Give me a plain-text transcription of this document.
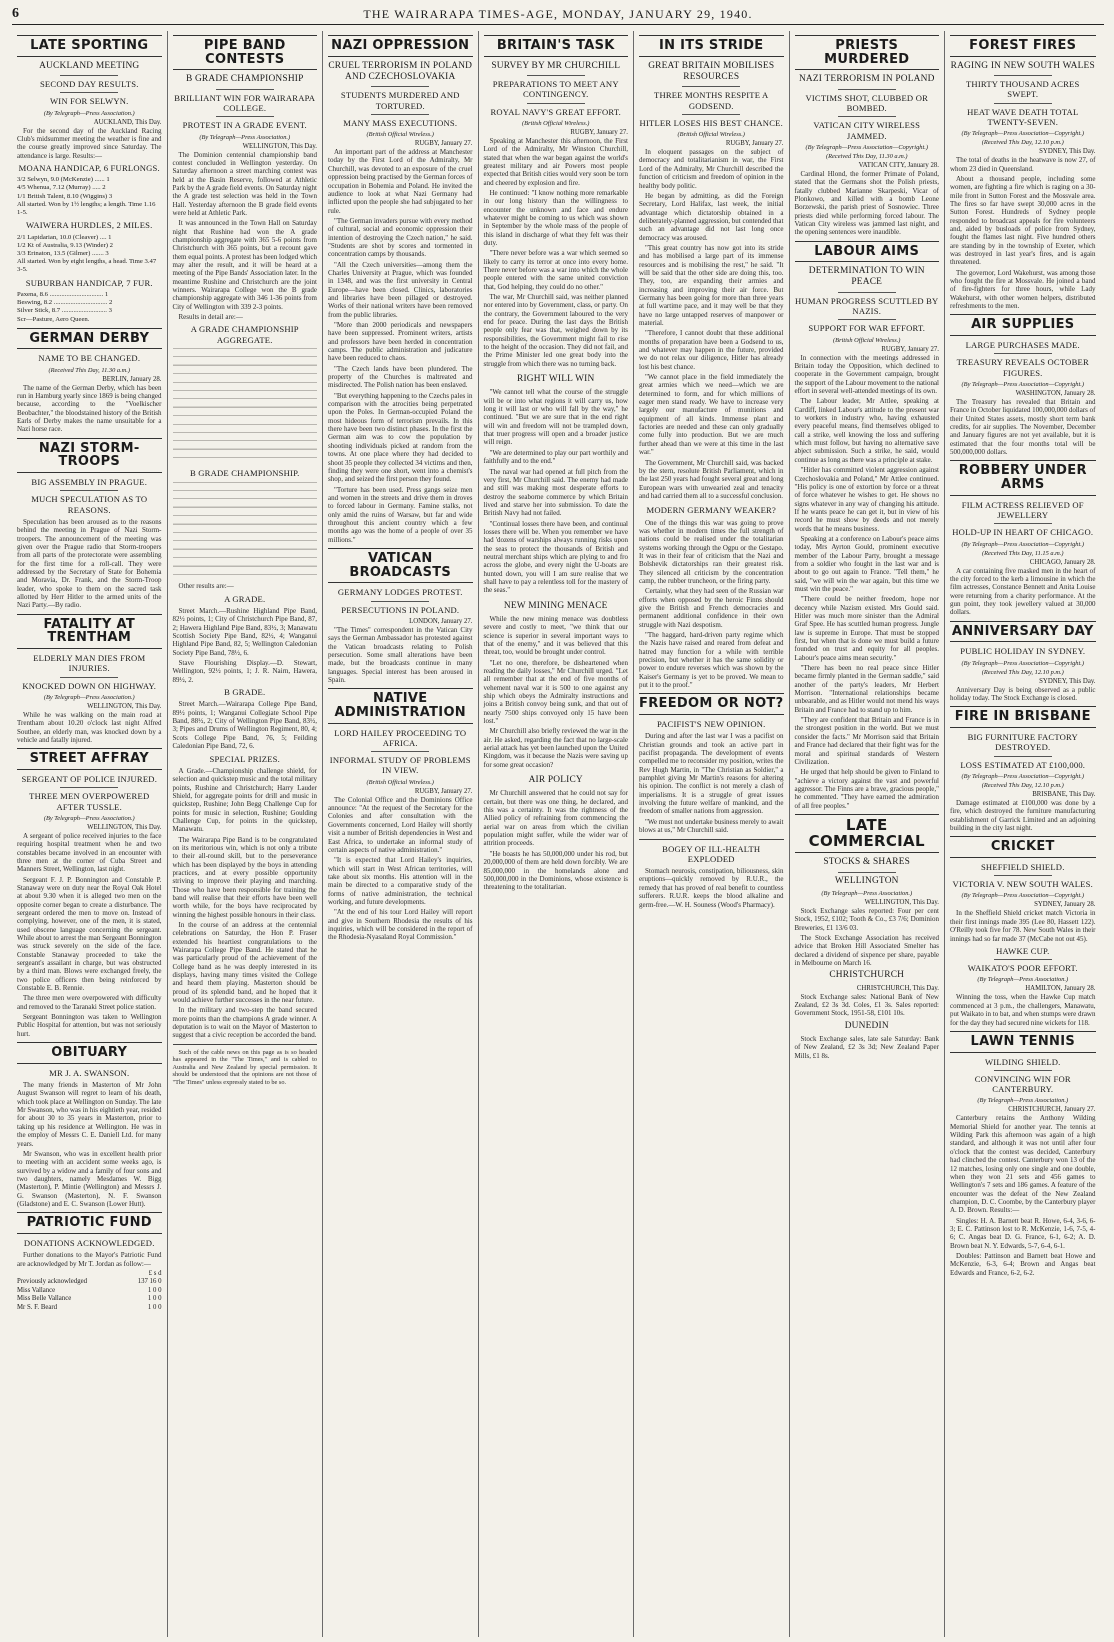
6	THE WAIRARAPA TIMES-AGE, MONDAY, JANUARY 29, 1940.
LATE SPORTING
AUCKLAND MEETING
SECOND DAY RESULTS.
WIN FOR SELWYN.
(By Telegraph—Press Association.)
AUCKLAND, This Day.

For the second day of the Auckland Racing Club's midsummer meeting the weather is fine and the course greatly improved since Saturday. The attendance is large. Results:—

MOANA HANDICAP, 6 FURLONGS.

3/2 Selwyn, 9.0 (McKenzie) ...... 1

4/5 Whenua, 7.12 (Murray) ..... 2

1/1 British Talent, 8.10 (Wiggins) 3

All started. Won by 1½ lengths; a length. Time 1.16 1-5.

WAIWERA HURDLES, 2 MILES.

2/1 Lapidarian, 10.0 (Cleaver) .... 1

1/2 Kt of Australia, 9.13 (Winder) 2

3/3 Erinaton, 13.5 (Gilmer) ....... 3

All started. Won by eight lengths, a head. Time 3.47 3-5.

SUBURBAN HANDICAP, 7 FUR.

Paxena, 8.6 ................................ 1

Beswing, 8.2 ................................ 2

Silver Stick, 8.7 ........................... 3

Scr—Pasture, Aero Queen.

GERMAN DERBY
NAME TO BE CHANGED.
(Received This Day, 11.30 a.m.)
BERLIN, January 28.

The name of the German Derby, which has been run in Hamburg yearly since 1869 is being changed because, according to the "Voelkischer Beobachter," the bloodstained history of the British Earls of Derby makes the name unsuitable for a Nazi horse race.

NAZI STORM-TROOPS
BIG ASSEMBLY IN PRAGUE.
MUCH SPECULATION AS TO REASONS.

Speculation has been aroused as to the reasons behind the meeting in Prague of Nazi Storm-troopers. The announcement of the meeting was given over the Prague radio that Storm-troopers from all parts of the protectorate were assembling for the first time for a roll-call. They were addressed by the Secretary of State for Bohemia and Moravia, Dr. Frank, and the Storm-Troop leader, who spoke to them on the sacred task allotted by Herr Hitler to the armed units of the Nazi Party.—By radio.

FATALITY AT TRENTHAM
ELDERLY MAN DIES FROM INJURIES.
KNOCKED DOWN ON HIGHWAY.
(By Telegraph—Press Association.)
WELLINGTON, This Day.

While he was walking on the main road at Trentham about 10.20 o'clock last night Alfred Southee, an elderly man, was knocked down by a vehicle and fatally injured.

STREET AFFRAY
SERGEANT OF POLICE INJURED.
THREE MEN OVERPOWERED AFTER TUSSLE.
(By Telegraph—Press Association.)
WELLINGTON, This Day.

A sergeant of police received injuries to the face requiring hospital treatment when he and two constables became involved in an encounter with three men at the corner of Cuba Street and Manners Street, Wellington, last night.

Sergeant F. J. P. Bonnington and Constable P. Stanaway were on duty near the Royal Oak Hotel at about 9.30 when it is alleged two men on the opposite corner began to create a disturbance. The sergeant ordered the men to move on. Instead of complying, however, one of the men, it is stated, used obscene language concerning the sergeant. While about to arrest the man Sergeant Bonnington was struck severely on the side of the face. Constable Stanaway proceeded to take the sergeant's assailant in charge, but was obstructed by a third man. Blows were exchanged freely, the two police officers then being reinforced by Constable E. B. Rennie.

The three men were overpowered with difficulty and removed to the Taranaki Street police station.

Sergeant Bonnington was taken to Wellington Public Hospital for attention, but was not seriously hurt.

OBITUARY
MR J. A. SWANSON.

The many friends in Masterton of Mr John August Swanson will regret to learn of his death, which took place at Wellington on Sunday. The late Mr Swanson, who was in his eightieth year, resided for about 30 to 35 years in Masterton, prior to taking up his residence at Wellington. He was in the employ of Messrs C. E. Daniell Ltd. for many years.

Mr Swanson, who was in excellent health prior to meeting with an accident some weeks ago, is survived by a widow and a family of four sons and two daughters, namely Mesdames W. Bigg (Masterton), P. Mintie (Wellington) and Messrs J. G. Swanson (Masterton), N. F. Swanson (Gladstone) and E. C. Swanson (Lower Hutt).

PATRIOTIC FUND
DONATIONS ACKNOWLEDGED.

Further donations to the Mayor's Patriotic Fund are acknowledged by Mr T. Jordan as follow:—

£ s d
Previously acknowledged	137 16 0
Miss Vallance	1 0 0
Miss Belle Vallance	1 0 0
Mr S. F. Beard	1 0 0
PIPE BAND CONTESTS
B GRADE CHAMPIONSHIP
BRILLIANT WIN FOR WAIRARAPA COLLEGE.
PROTEST IN A GRADE EVENT.
(By Telegraph—Press Association.)
WELLINGTON, This Day.

The Dominion centennial championship band contest concluded in Wellington yesterday. On Saturday afternoon a street marching contest was held at the Basin Reserve, followed at Athletic Park by the A grade field events. On Saturday night the A grade test selection was held in the Town Hall. Yesterday afternoon the B grade field events were held at Athletic Park.

It was announced in the Town Hall on Saturday night that Rushine had won the A grade championship aggregate with 365 5-6 points from Christchurch with 365 points, but a recount gave them equal points. A protest has been lodged which may alter the result, and it will be heard at a meeting of the Pipe Bands' Association later. In the meantime Rushine and Christchurch are the joint winners. Wairarapa College won the B grade championship aggregate with 346 1-36 points from City of Wellington with 339 2-3 points.

Results in detail are:—

A GRADE CHAMPIONSHIP AGGREGATE.
B GRADE CHAMPIONSHIP.

Other results are:—

A GRADE.

Street March.—Rushine Highland Pipe Band, 82½ points, 1; City of Christchurch Pipe Band, 87, 2; Hawera Highland Pipe Band, 83½, 3; Manawatu Scottish Society Pipe Band, 82½, 4; Wanganui Highland Pipe Band, 82, 5; Wellington Caledonian Society Pipe Band, 78½, 6.

Stave Flourishing Display.—D. Stewart, Wellington, 92½ points, 1; J. R. Nairn, Hawera, 89½, 2.

B GRADE.

Street March.—Wairarapa College Pipe Band, 89½ points, 1; Wanganui Collegiate School Pipe Band, 88½, 2; City of Wellington Pipe Band, 83½, 3; Pipes and Drums of Wellington Regiment, 80, 4; Scots College Pipe Band, 76, 5; Feilding Caledonian Pipe Band, 72, 6.

SPECIAL PRIZES.

A Grade.—Championship challenge shield, for selection and quickstep music and the total military points, Rushine and Christchurch; Harry Lauder Shield, for aggregate points for drill and music in quickstep, Rushine; John Begg Challenge Cup for points for music in selection, Rushine; Goulding Challenge Cup, for points in the quickstep, Manawatu.

The Wairarapa Pipe Band is to be congratulated on its meritorious win, which is not only a tribute to their all-round skill, but to the perseverance which has been displayed by the boys in attending practices, and at every possible opportunity striving to improve their playing and marching. Those who have been responsible for training the band will realise that their efforts have been well worth while, for the boys have reciprocated by winning the highest possible honours in their class.

In the course of an address at the centennial celebrations on Saturday, the Hon P. Fraser extended his heartiest congratulations to the Wairarapa College Pipe Band. He stated that he was particularly proud of the achievement of the College band as he was deeply interested in its displays, having many times visited the College and heard them playing. Masterton should be proud of its splendid band, and he hoped that it would achieve further successes in the near future.

In the military and two-step the band secured more points than the champions A grade winner. A deputation is to wait on the Mayor of Masterton to suggest that a civic reception be accorded the band.

Such of the cable news on this page as is so headed has appeared in the "The Times," and is cabled to Australia and New Zealand by special permission. It should be understood that the opinions are not those of "The Times" unless expressly stated to be so.

NAZI OPPRESSION
CRUEL TERRORISM IN POLAND AND CZECHOSLOVAKIA
STUDENTS MURDERED AND TORTURED.
MANY MASS EXECUTIONS.
(British Official Wireless.)
RUGBY, January 27.

An important part of the address at Manchester today by the First Lord of the Admiralty, Mr Churchill, was devoted to an exposure of the cruel oppression being practised by the German forces of occupation in Bohemia and Poland. He invited the audience to look at what Nazi Germany had inflicted upon the people she had subjugated to her rule.

"The German invaders pursue with every method of cultural, social and economic oppression their intention of destroying the Czech nation," he said. "Students are shot by scores and tormented in concentration camps by thousands.

"All the Czech universities—among them the Charles University at Prague, which was founded in 1348, and was the first university in Central Europe—have been closed. Clinics, laboratories and libraries have been pillaged or destroyed. Works of their national writers have been removed from the public libraries.

"More than 2000 periodicals and newspapers have been suppressed. Prominent writers, artists and professors have been herded in concentration camps. The public administration and judicature have been reduced to chaos.

"The Czech lands have been plundered. The property of the Churches is maltreated and misdirected. The Polish nation has been enslaved.

"But everything happening to the Czechs pales in comparison with the atrocities being perpetrated upon the Poles. In German-occupied Poland the most hideous form of terrorism prevails. In this there have been two distinct phases. In the first the German aim was to cow the population by shooting individuals picked at random from the towns. At one place where they had decided to shoot 35 people they collected 34 victims and then, finding they were one short, went into a chemist's shop, and seized the first person they found.

"Torture has been used. Press gangs seize men and women in the streets and drive them in droves to forced labour in Germany. Famine stalks, not only amid the ruins of Warsaw, but far and wide throughout this ancient country which a few months ago was the home of a people of over 35 millions."

VATICAN BROADCASTS
GERMANY LODGES PROTEST.
PERSECUTIONS IN POLAND.
LONDON, January 27.

"The Times" correspondent in the Vatican City says the German Ambassador has protested against the Vatican broadcasts relating to Polish persecution. Some small alterations have been made, but the broadcasts continue in many languages. Special interest has been aroused in Spain.

NATIVE ADMINISTRATION
LORD HAILEY PROCEEDING TO AFRICA.
INFORMAL STUDY OF PROBLEMS IN VIEW.
(British Official Wireless.)
RUGBY, January 27.

The Colonial Office and the Dominions Office announce: "At the request of the Secretary for the Colonies and after consultation with the Governments concerned, Lord Hailey will shortly visit a number of British dependencies in West and East Africa, to undertake an informal study of certain aspects of native administration."

"It is expected that Lord Hailey's inquiries, which will start in West African territories, will take about six months. His attention will in the main be directed to a comparative study of the forms of native administration, the technical working, and future developments.

"At the end of his tour Lord Hailey will report and give in Southern Rhodesia the results of his inquiries, which will be considered in the report of the Rhodesia-Nyasaland Royal Commission."

BRITAIN'S TASK
SURVEY BY MR CHURCHILL
PREPARATIONS TO MEET ANY CONTINGENCY.
ROYAL NAVY'S GREAT EFFORT.
(British Official Wireless.)
RUGBY, January 27.

Speaking at Manchester this afternoon, the First Lord of the Admiralty, Mr Winston Churchill, stated that when the war began against the world's greatest military and air Powers most people expected that British cities would very soon be torn and cheered by explosion and fire.

He continued: "I know nothing more remarkable in our long history than the willingness to encounter the unknown and face and endure whatever might be coming to us which was shown in September by the whole mass of the people of this island in discharge of what they felt was their duty.

"There never before was a war which seemed so likely to carry its terror at once into every home. There never before was a war into which the whole people entered with the same united conviction that, God helping, they could do no other."

The war, Mr Churchill said, was neither planned nor entered into by Government, class, or party. On the contrary, the Government laboured to the very end for peace. During the last days the British people only fear was that, weighed down by its responsibilities, the Government might fail to rise to the height of the occasion. They did not fail, and the Prime Minister led one great body into the struggle from which there was no turning back.

RIGHT WILL WIN

"We cannot tell what the course of the struggle will be or into what regions it will carry us, how long it will last or who will fall by the way," he continued. "But we are sure that in the end right will win and freedom will not be trampled down, that truer progress will open and a broader justice will reign.

"We are determined to play our part worthily and faithfully and to the end."

The naval war had opened at full pitch from the very first, Mr Churchill said. The enemy had made and still was making most desperate efforts to destroy the seaborne commerce by which Britain lived and starve her into submission. To date the British Navy had not failed.

"Continual losses there have been, and continual losses there will be. When you remember we have had 'dozens of warships always running risks upon the seas to protect the thousands of British and neutral merchant ships which are plying to and fro across the globe, and every night the U-boats are hunted down, you will I am sure realise that we shall have to pay a relentless toll for the mastery of the seas."

NEW MINING MENACE

While the new mining menace was doubtless severe and costly to meet, "we think that our science is superior in several important ways to that of the enemy," and it was believed that this threat, too, would be brought under control.

"Let no one, therefore, be disheartened when reading the daily losses," Mr Churchill urged. "Let all remember that at the end of five months of vehement naval war it is 500 to one against any ship which obeys the Admiralty instructions and joins a British convoy being sunk, and that out of nearly 7500 ships convoyed only 15 have been lost."

Mr Churchill also briefly reviewed the war in the air. He asked, regarding the fact that no large-scale aerial attack has yet been launched upon the United Kingdom, was it because the Nazis were saving up for some great occasion?

AIR POLICY

Mr Churchill answered that he could not say for certain, but there was one thing, he declared, and this was a certainty. It was the rightness of the Allied policy of refraining from commencing the aerial war on areas from which the civilian population might suffer, while the wider war of attrition proceeds.

"He boasts he has 50,000,000 under his rod, but 20,000,000 of them are held down forcibly. We are 85,000,000 in the homelands alone and 500,000,000 in the Dominions, whose existence is threatening to the totalitarian.

IN ITS STRIDE
GREAT BRITAIN MOBILISES RESOURCES
THREE MONTHS RESPITE A GODSEND.
HITLER LOSES HIS BEST CHANCE.
(British Official Wireless.)
RUGBY, January 27.

In eloquent passages on the subject of democracy and totalitarianism in war, the First Lord of the Admiralty, Mr Churchill described the function of criticism and freedom of opinion in the healthy body politic.

He began by admitting, as did the Foreign Secretary, Lord Halifax, last week, the initial advantage which dictatorship obtained in a deliberately-planned aggression, but contended that such an advantage did not last long once democracy was aroused.

"This great country has now got into its stride and has mobilised a large part of its immense resources and is mobilising the rest," he said. "It will be said that the other side are doing this, too. They, too, are expanding their armies and increasing and improving their air force. But Germany has been going for more than three years at full wartime pace, and it may well be that they have no large untapped reserves of manpower or material.

"Therefore, I cannot doubt that these additional months of preparation have been a Godsend to us, and whatever may happen in the future, provided we do not relax our diligence, Hitler has already lost his best chance.

"We cannot place in the field immediately the great armies which we need—which we are determined to form, and for which millions of eager men stand ready. We have to increase very largely our manufacture of munitions and equipment of all kinds. Immense plant and factories are needed and these can only gradually come fully into production. But we are much further ahead than we were at this time in the last war."

The Government, Mr Churchill said, was backed by the stern, resolute British Parliament, which in the last 250 years had fought several great and long European wars with unwearied zeal and tenacity and had carried them all to a successful conclusion.

MODERN GERMANY WEAKER?

One of the things this war was going to prove was whether in modern times the full strength of nations could be realised under the totalitarian systems working through the Ogpu or the Gestapo. It was in their fear of criticism that the Nazi and Bolshevik dictatorships ran their greatest risk. They silenced all criticism by the concentration camp, the rubber truncheon, or the firing party.

Certainly, what they had seen of the Russian war efforts when opposed by the heroic Finns should give the British and French democracies and permanent additional confidence in their own struggle with Nazi despotism.

"The haggard, hard-driven party regime which the Nazis have raised and reared from defeat and hatred may function for a while with terrible precision, but whether it has the same solidity or power to endure reverses which was shown by the Kaiser's Germany is yet to be proved. We mean to put it to the proof."

FREEDOM OR NOT?
PACIFIST'S NEW OPINION.

During and after the last war I was a pacifist on Christian grounds and took an active part in pacifist propaganda. The development of events compelled me to reconsider my position, writes the Rev Hugh Martin, in "The Christian as Soldier," a pamphlet giving Mr Martin's reasons for altering his opinion. The conflict is not merely a clash of imperialisms. It is a struggle of great issues involving the future welfare of mankind, and the freedom of smaller nations from aggression.

"We must not undertake business merely to await blows at us," Mr Churchill said.

BOGEY OF ILL-HEALTH EXPLODED

Stomach neurosis, constipation, biliousness, skin eruptions—quickly removed by R.U.R., the remedy that has proved of real benefit to countless sufferers. R.U.R. keeps the blood alkaline and germ-free.—W. H. Souness (Wood's Pharmacy).

PRIESTS MURDERED
NAZI TERRORISM IN POLAND
VICTIMS SHOT, CLUBBED OR BOMBED.
VATICAN CITY WIRELESS JAMMED.
(By Telegraph—Press Association—Copyright.)
(Received This Day, 11.30 a.m.)
VATICAN CITY, January 28.

Cardinal Hlond, the former Primate of Poland, stated that the Germans shot the Polish priests, fatally clubbed Marianne Skarpeski, Vicar of Plonkowo, and killed with a bomb Leone Borzewski, the parish priest of Sosnowiec. Three priests died while performing forced labour. The Vatican City wireless was jammed last night, and the opening sentences were inaudible.

LABOUR AIMS
DETERMINATION TO WIN PEACE
HUMAN PROGRESS SCUTTLED BY NAZIS.
SUPPORT FOR WAR EFFORT.
(British Official Wireless.)
RUGBY, January 27.

In connection with the meetings addressed in Britain today the Opposition, which declined to cooperate in the Government campaign, brought the support of the Labour movement to the national effort in several well-attended meetings of its own.

The Labour leader, Mr Attlee, speaking at Cardiff, linked Labour's attitude to the present war to workers in industry who, having exhausted every peaceful means, find themselves obliged to call a strike, well knowing the loss and suffering which must follow, but having no alternative save abject submission. Such a strike, he said, would continue as long as there was a principle at stake.

"Hitler has committed violent aggression against Czechoslovakia and Poland," Mr Attlee continued. "His policy is one of extortion by force or a threat of force whatever he wishes to get. He shows no signs whatever in any way of changing his attitude. If he wants peace he can get it, but in view of his record he must show by deeds and not merely words that he means business.

Speaking at a conference on Labour's peace aims today, Mrs Ayrton Gould, prominent executive member of the Labour Party, brought a message from a soldier who fought in the last war and is about to go out again to France. "Tell them," he said, "we will win the war again, but this time we must win the peace."

"There could be neither freedom, hope nor decency while Nazism existed. Mrs Gould said. Hitler was much more sinister than the Admiral Graf Spee. He has scuttled human progress. Jungle law is supreme in Europe. That must be stopped first, but when that is done we must build a future founded on trust and equity for all peoples. Labour's peace aims mean security."

"There has been no real peace since Hitler became firmly planted in the German saddle," said another of the party's leaders, Mr Herbert Morrison. "International relationships became unbearable, and as Hitler would not mend his ways Britain and France had to stand up to him.

"They are confident that Britain and France is in the strongest position in the world. But we must consider the facts." Mr Morrison said that Britain and France had declared that their fight was for the moral and spiritual standards of Western Civilization.

He urged that help should be given to Finland to "achieve a victory against the vast and powerful aggressor. The Finns are a brave, gracious people," he commented. "They have earned the admiration of all free peoples."

LATE COMMERCIAL
STOCKS & SHARES
WELLINGTON
(By Telegraph—Press Association.)
WELLINGTON, This Day.

Stock Exchange sales reported: Four per cent Stock, 1952, £102; Tooth & Co., £3 7/6; Dominion Breweries, £1 13/6 03.

The Stock Exchange Association has received advice that Broken Hill Associated Smelter has declared a dividend of sixpence per share, payable in Melbourne on March 16.

CHRISTCHURCH
CHRISTCHURCH, This Day.

Stock Exchange sales: National Bank of New Zealand, £2 3s 3d. Coles, £1 3s. Sales reported: Government Stock, 1951-58, £101 10s.

DUNEDIN

Stock Exchange sales, late sale Saturday: Bank of New Zealand, £2 3s 3d; New Zealand Paper Mills, £1 8s.

FOREST FIRES
RAGING IN NEW SOUTH WALES
THIRTY THOUSAND ACRES SWEPT.
HEAT WAVE DEATH TOTAL TWENTY-SEVEN.
(By Telegraph—Press Association—Copyright.)
(Received This Day, 12.10 p.m.)
SYDNEY, This Day.

The total of deaths in the heatwave is now 27, of whom 23 died in Queensland.

About a thousand people, including some women, are fighting a fire which is raging on a 30-mile front in Sutton Forest and the Mossvale area. The fires so far have swept 30,000 acres in the Sutton Forest. Hundreds of Sydney people responded to broadcast appeals for fire volunteers and, aided by busloads of police from Sydney, fought the flames last night. Five hundred others are standing by in the township of Exeter, which was destroyed in last year's fires, and is again threatened.

The governor, Lord Wakehurst, was among those who fought the fire at Mossvale. He joined a band of fire-fighters for three hours, while Lady Wakehurst, with other women helpers, distributed refreshments to the men.

AIR SUPPLIES
LARGE PURCHASES MADE.
TREASURY REVEALS OCTOBER FIGURES.
(By Telegraph—Press Association—Copyright.)
WASHINGTON, January 28.

The Treasury has revealed that Britain and France in October liquidated 100,000,000 dollars of their United States assets, mostly short term bank credits, for air supplies. The November, December and January figures are not yet available, but it is estimated that the four months total will be 500,000,000 dollars.

ROBBERY UNDER ARMS
FILM ACTRESS RELIEVED OF JEWELLERY
HOLD-UP IN HEART OF CHICAGO.
(By Telegraph—Press Association—Copyright.)
(Received This Day, 11.15 a.m.)
CHICAGO, January 28.

A car containing five masked men in the heart of the city forced to the kerb a limousine in which the film actresses, Constance Bennett and Anita Louise were returning from a charity performance. At the gun point, they took jewellery valued at 30,000 dollars.

ANNIVERSARY DAY
PUBLIC HOLIDAY IN SYDNEY.
(By Telegraph—Press Association—Copyright.)
(Received This Day, 12.10 p.m.)
SYDNEY, This Day.

Anniversary Day is being observed as a public holiday today. The Stock Exchange is closed.

FIRE IN BRISBANE
BIG FURNITURE FACTORY DESTROYED.
LOSS ESTIMATED AT £100,000.
(By Telegraph—Press Association—Copyright.)
(Received This Day, 12.10 p.m.)
BRISBANE, This Day.

Damage estimated at £100,000 was done by a fire, which destroyed the furniture manufacturing establishment of Garrick Limited and an adjoining building in the city last night.

CRICKET
SHEFFIELD SHIELD.
VICTORIA V. NEW SOUTH WALES.
(By Telegraph—Press Association—Copyright.)
SYDNEY, January 28.

In the Sheffield Shield cricket match Victoria in their first innings made 395 (Lee 80, Hassett 122). O'Reilly took five for 78. New South Wales in their innings had so far made 37 (McCabe not out 45).

HAWKE CUP.
WAIKATO'S POOR EFFORT.
(By Telegraph—Press Association.)
HAMILTON, January 28.

Winning the toss, when the Hawke Cup match commenced at 3 p.m., the challengers, Manawatu, put Waikato in to bat, and when stumps were drawn for the day they had secured nine wickets for 118.

LAWN TENNIS
WILDING SHIELD.
CONVINCING WIN FOR CANTERBURY.
(By Telegraph—Press Association.)
CHRISTCHURCH, January 27.

Canterbury retains the Anthony Wilding Memorial Shield for another year. The tennis at Wilding Park this afternoon was again of a high standard, and although it was not until after four o'clock that the contest was decided, Canterbury had clinched the contest. Canterbury won 13 of the 12 matches, losing only one single and one double, when they won 21 sets and 456 games to Wellington's 7 sets and 186 games. A feature of the encounter was the defeat of the New Zealand champion, D. C. Coombe, by the Canterbury player A. D. Brown. Results:—

Singles: H. A. Barnett beat R. Howe, 6-4, 3-6, 6-3; E. C. Pattinson lost to R. McKenzie, 1-6, 7-5, 4-6; C. Angas beat D. G. France, 6-1, 6-2; A. D. Brown beat N. Y. Edwards, 5-7, 6-4, 6-1.

Doubles: Pattinson and Barnett beat Howe and McKenzie, 6-3, 6-4; Brown and Angas beat Edwards and France, 6-2, 6-2.
